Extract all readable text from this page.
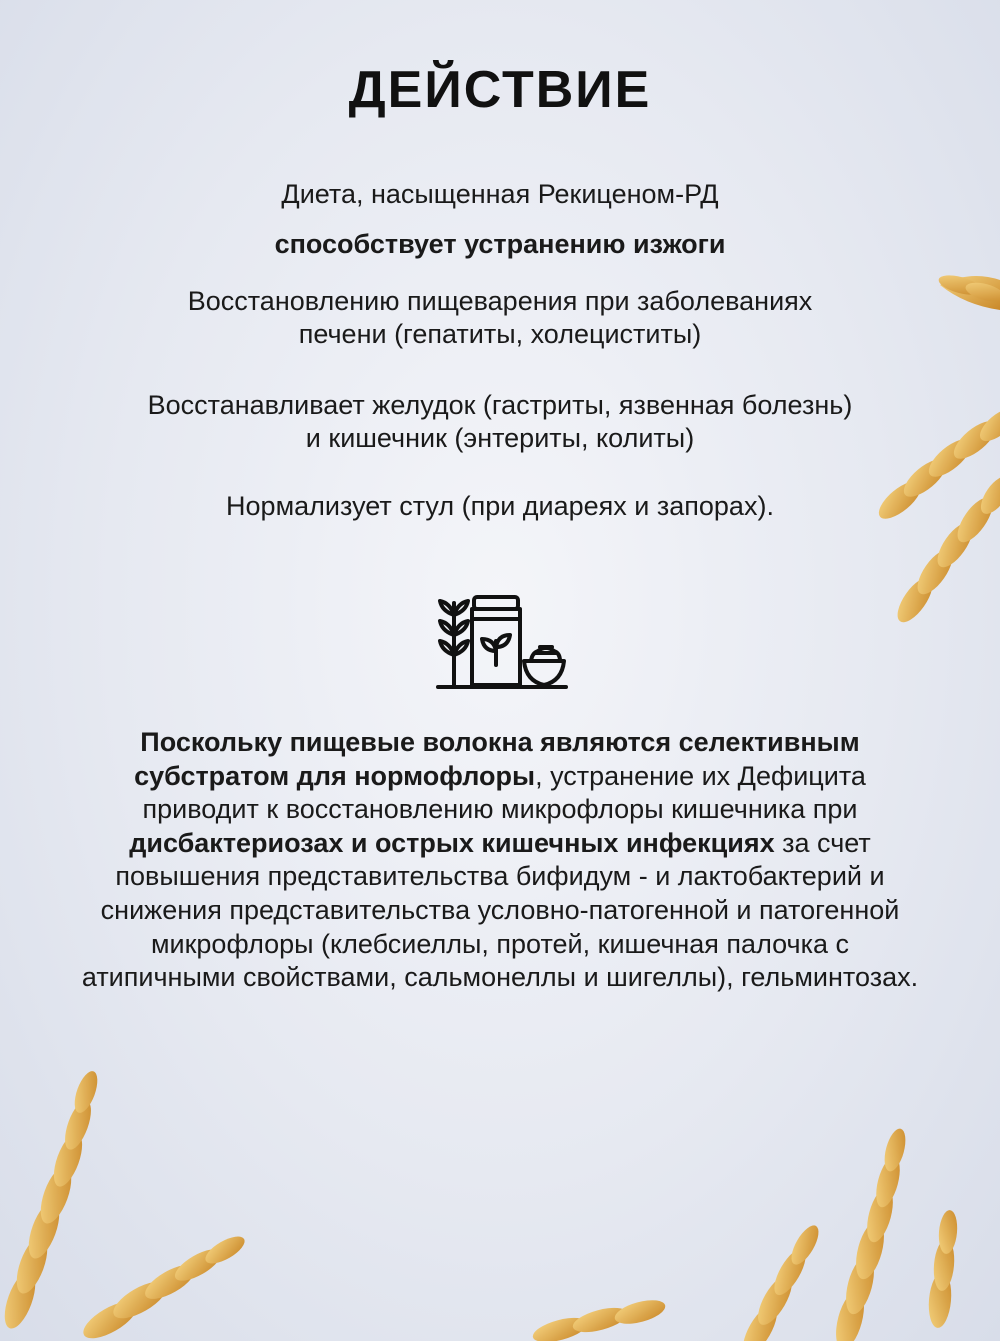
ДЕЙСТВИЕ
Диета, насыщенная Рекиценом-РД
способствует устранению изжоги
Восстановлению пищеварения при заболеваниях
печени (гепатиты, холециститы)
Восстанавливает желудок (гастриты, язвенная болезнь)
и кишечник (энтериты, колиты)
Нормализует стул (при диареях и запорах).
Поскольку пищевые волокна являются селективным субстратом для нормофлоры, устранение их Дефицита приводит к восстановлению микрофлоры кишечника при дисбактериозах и острых кишечных инфекциях за счет повышения представительства бифидум - и лактобактерий и снижения представительства условно-патогенной и патогенной микрофлоры (клебсиеллы, протей, кишечная палочка с атипичными свойствами, сальмонеллы и шигеллы), гельминтозах.
